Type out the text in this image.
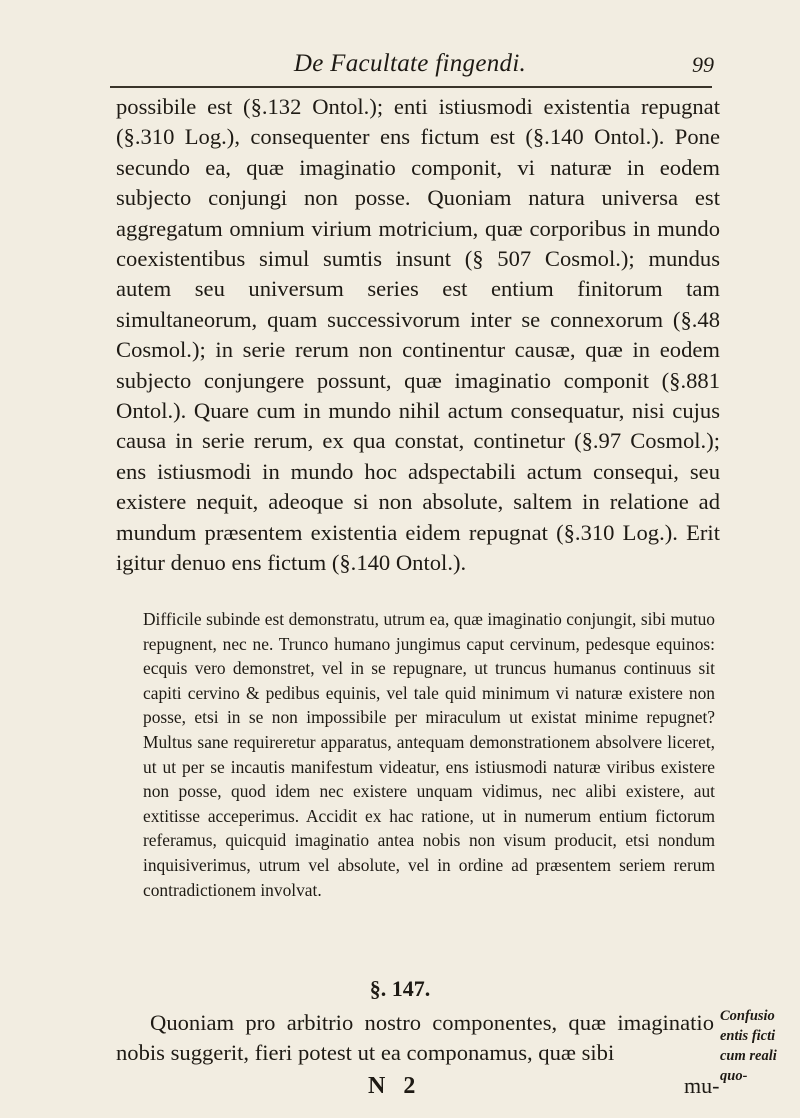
De Facultate fingendi.	99

possibile est (§.132 Ontol.); enti istiusmodi existentia repugnat (§.310 Log.), consequenter ens fictum est (§.140 Ontol.). Pone secundo ea, quæ imaginatio componit, vi naturæ in eodem subjecto conjungi non posse. Quoniam natura universa est aggregatum omnium virium motricium, quæ corporibus in mundo coexistentibus simul sumtis insunt (§ 507 Cosmol.); mundus autem seu universum series est entium finitorum tam simultaneorum, quam successivorum inter se connexorum (§.48 Cosmol.); in serie rerum non continentur causæ, quæ in eodem subjecto conjungere possunt, quæ imaginatio componit (§.881 Ontol.). Quare cum in mundo nihil actum consequatur, nisi cujus causa in serie rerum, ex qua constat, continetur (§.97 Cosmol.); ens istiusmodi in mundo hoc adspectabili actum consequi, seu existere nequit, adeoque si non absolute, saltem in relatione ad mundum præsentem existentia eidem repugnat (§.310 Log.). Erit igitur denuo ens fictum (§.140 Ontol.).

Difficile subinde est demonstratu, utrum ea, quæ imaginatio conjungit, sibi mutuo repugnent, nec ne. Trunco humano jungimus caput cervinum, pedesque equinos: ecquis vero demonstret, vel in se repugnare, ut truncus humanus continuus sit capiti cervino & pedibus equinis, vel tale quid minimum vi naturæ existere non posse, etsi in se non impossibile per miraculum ut existat minime repugnet? Multus sane requireretur apparatus, antequam demonstrationem absolvere liceret, ut ut per se incautis manifestum videatur, ens istiusmodi naturæ viribus existere non posse, quod idem nec existere unquam vidimus, nec alibi existere, aut extitisse acceperimus. Accidit ex hac ratione, ut in numerum entium fictorum referamus, quicquid imaginatio antea nobis non visum producit, etsi nondum inquisiverimus, utrum vel absolute, vel in ordine ad præsentem seriem rerum contradictionem involvat.

§. 147.

Quoniam pro arbitrio nostro componentes, quæ imaginatio nobis suggerit, fieri potest ut ea componamus, quæ sibi

Confusio entis ficti cum reali quo-
N 2	mu-
